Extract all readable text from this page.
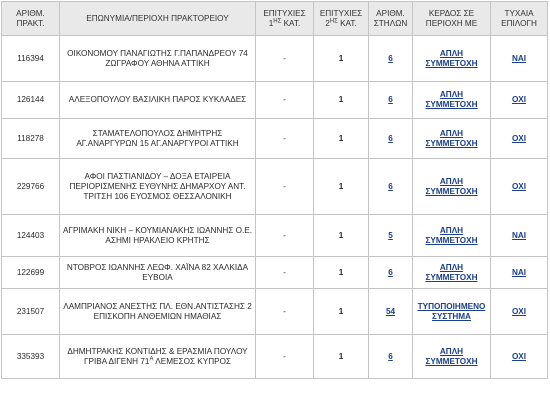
ΑΡΙΘΜ. ΠΡΑΚΤ.	ΕΠΩΝΥΜΙΑ/ΠΕΡΙΟΧΗ ΠΡΑΚΤΟΡΕΙΟΥ	ΕΠΙΤΥΧΙΕΣ $1^{H\Sigma}$ ΚΑΤ.	ΕΠΙΤΥΧΙΕΣ $2^{H\Sigma}$ ΚΑΤ.	ΑΡΙΘΜ. ΣΤΗΛΩΝ	ΚΕΡΔΟΣ ΣΕ ΠΕΡΙΟΧΗ ΜΕ	ΤΥΧΑΙΑ ΕΠΙΛΟΓΗ
116394	ΟΙΚΟΝΟΜΟΥ ΠΑΝΑΓΙΩΤΗΣ Γ.ΠΑΠΑΝΔΡΕΟΥ 74 ΖΩΓΡΑΦΟΥ ΑΘΗΝΑ ΑΤΤΙΚΗ	-	1	6	ΑΠΛΗ ΣΥΜΜΕΤΟΧΗ	ΝΑΙ
126144	ΑΛΕΞΟΠΟΥΛΟΥ ΒΑΣΙΛΙΚΗ ΠΑΡΟΣ ΚΥΚΛΑΔΕΣ	-	1	6	ΑΠΛΗ ΣΥΜΜΕΤΟΧΗ	ΟΧΙ
118278	ΣΤΑΜΑΤΕΛΟΠΟΥΛΟΣ ΔΗΜΗΤΡΗΣ ΑΓ.ΑΝΑΡΓΥΡΩΝ 15 ΑΓ.ΑΝΑΡΓΥΡΟΙ ΑΤΤΙΚΗ	-	1	6	ΑΠΛΗ ΣΥΜΜΕΤΟΧΗ	ΟΧΙ
229766	ΑΦΟΙ ΠΑΣΤΙΑΝΙΔΟΥ – ΔΟΞΑ ΕΤΑΙΡΕΙΑ ΠΕΡΙΟΡΙΣΜΕΝΗΣ ΕΥΘΥΝΗΣ ΔΗΜΑΡΧΟΥ ΑΝΤ. ΤΡΙΤΣΗ 106 ΕΥΟΣΜΟΣ ΘΕΣΣΑΛΟΝΙΚΗ	-	1	6	ΑΠΛΗ ΣΥΜΜΕΤΟΧΗ	ΟΧΙ
124403	ΑΓΡΙΜΑΚΗ ΝΙΚΗ – ΚΟΥΜΙΑΝΑΚΗΣ ΙΩΑΝΝΗΣ Ο.Ε. ΑΣΗΜΙ ΗΡΑΚΛΕΙΟ ΚΡΗΤΗΣ	-	1	5	ΑΠΛΗ ΣΥΜΜΕΤΟΧΗ	ΝΑΙ
122699	ΝΤΟΒΡΟΣ ΙΩΑΝΝΗΣ ΛΕΩΦ. ΧΑΪΝΑ 82 ΧΑΛΚΙΔΑ ΕΥΒΟΙΑ	-	1	6	ΑΠΛΗ ΣΥΜΜΕΤΟΧΗ	ΝΑΙ
231507	ΛΑΜΠΡΙΑΝΟΣ ΑΝΕΣΤΗΣ ΠΛ. ΕΘΝ.ΑΝΤΙΣΤΑΣΗΣ 2 ΕΠΙΣΚΟΠΗ ΑΝΘΕΜΙΩΝ ΗΜΑΘΙΑΣ	-	1	54	ΤΥΠΟΠΟΙΗΜΕΝΟ ΣΥΣΤΗΜΑ	ΟΧΙ
335393	ΔΗΜΗΤΡΑΚΗΣ ΚΟΝΤΙΔΗΣ & ΕΡΑΣΜΙΑ ΠΟΥΛΟΥ ΓΡΙΒΑ ΔΙΓΕΝΗ $71^A$ ΛΕΜΕΣΟΣ ΚΥΠΡΟΣ	-	1	6	ΑΠΛΗ ΣΥΜΜΕΤΟΧΗ	ΟΧΙ
